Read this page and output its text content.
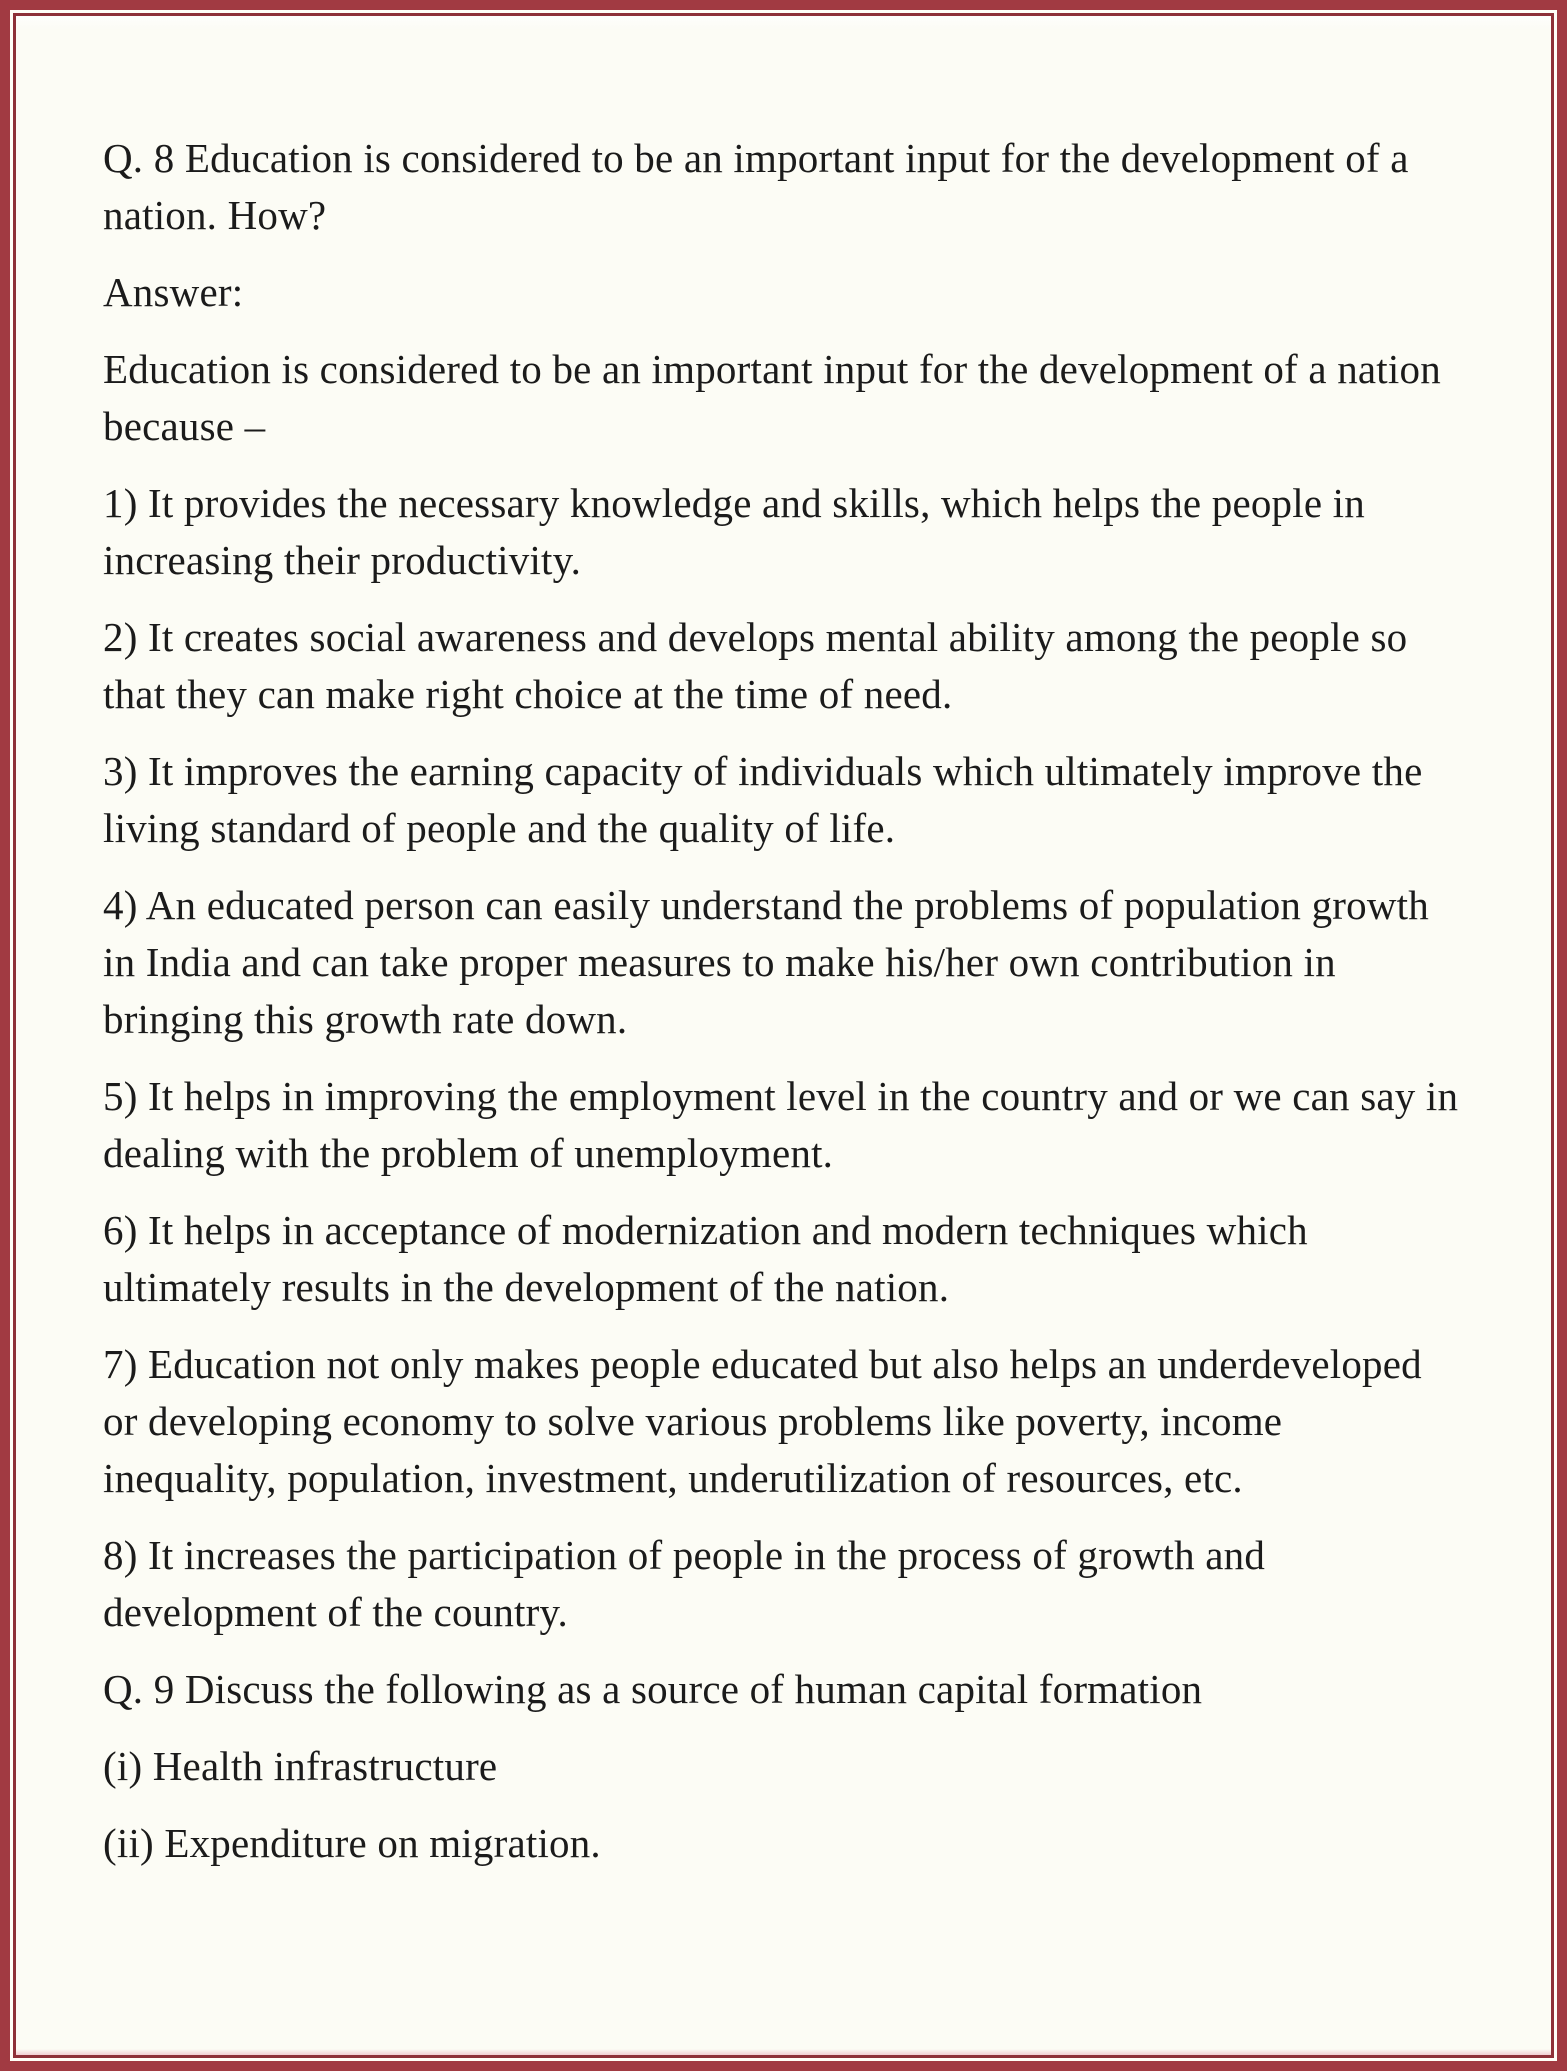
Q. 8 Education is considered to be an important input for the development of a nation. How?

Answer:

Education is considered to be an important input for the development of a nation because –

1) It provides the necessary knowledge and skills, which helps the people in increasing their productivity.

2) It creates social awareness and develops mental ability among the people so that they can make right choice at the time of need.

3) It improves the earning capacity of individuals which ultimately improve the living standard of people and the quality of life.

4) An educated person can easily understand the problems of population growth in India and can take proper measures to make his/her own contribution in bringing this growth rate down.

5) It helps in improving the employment level in the country and or we can say in dealing with the problem of unemployment.

6) It helps in acceptance of modernization and modern techniques which ultimately results in the development of the nation.

7) Education not only makes people educated but also helps an underdeveloped or developing economy to solve various problems like poverty, income inequality, population, investment, underutilization of resources, etc.

8) It increases the participation of people in the process of growth and development of the country.

Q. 9 Discuss the following as a source of human capital formation

(i) Health infrastructure

(ii) Expenditure on migration.
